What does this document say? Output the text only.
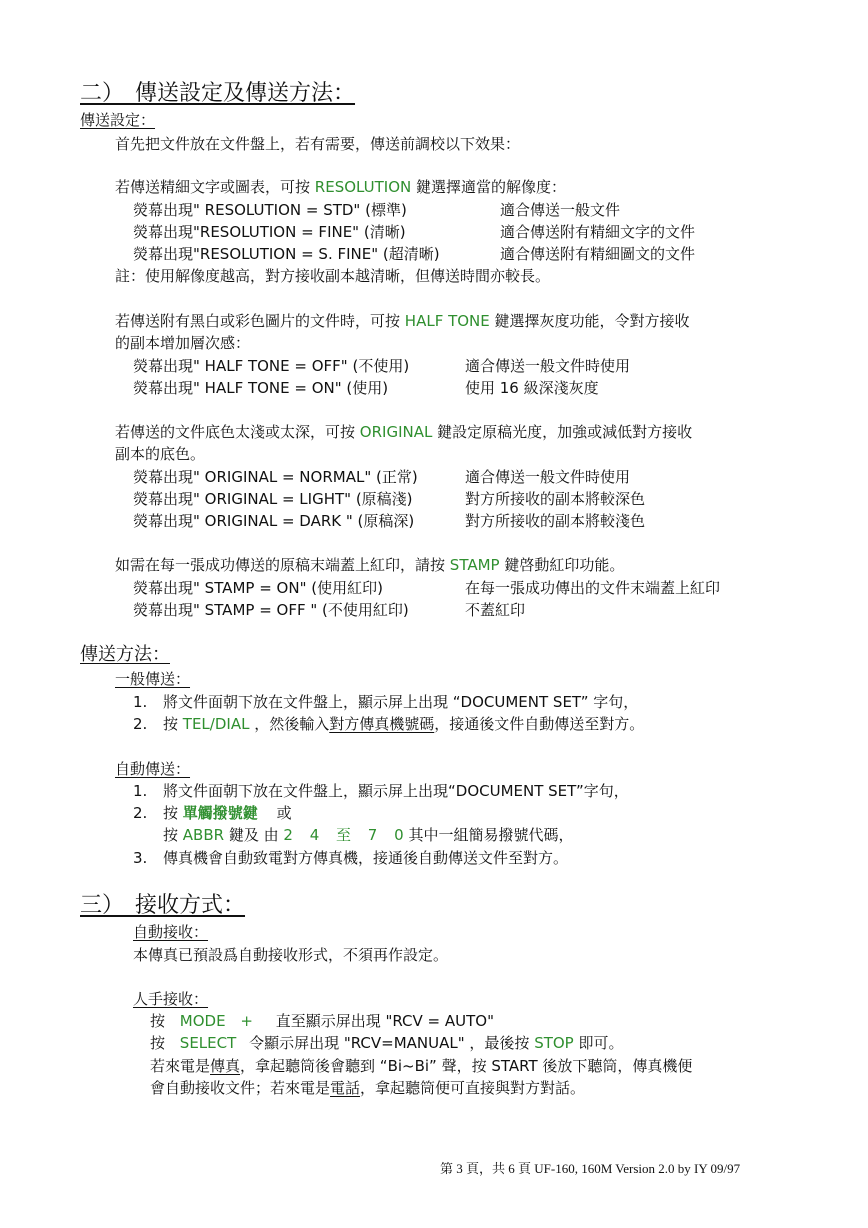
二）　傳送設定及傳送方法：
傳送設定：
首先把文件放在文件盤上，若有需要，傳送前調校以下效果：
若傳送精細文字或圖表，可按 RESOLUTION 鍵選擇適當的解像度：
熒幕出現" RESOLUTION = STD" (標準)	適合傳送一般文件
熒幕出現"RESOLUTION = FINE" (清晰)	適合傳送附有精細文字的文件
熒幕出現"RESOLUTION = S. FINE" (超清晰)	適合傳送附有精細圖文的文件
註：使用解像度越高，對方接收副本越清晰，但傳送時間亦較長。
若傳送附有黑白或彩色圖片的文件時，可按 HALF TONE 鍵選擇灰度功能，令對方接收
的副本增加層次感：
熒幕出現" HALF TONE = OFF" (不使用)	適合傳送一般文件時使用
熒幕出現" HALF TONE = ON" (使用)	使用 16 級深淺灰度
若傳送的文件底色太淺或太深，可按 ORIGINAL 鍵設定原稿光度，加強或減低對方接收
副本的底色。
熒幕出現" ORIGINAL = NORMAL" (正常)	適合傳送一般文件時使用
熒幕出現" ORIGINAL = LIGHT" (原稿淺)	對方所接收的副本將較深色
熒幕出現" ORIGINAL = DARK " (原稿深)	對方所接收的副本將較淺色
如需在每一張成功傳送的原稿末端蓋上紅印，請按 STAMP 鍵啓動紅印功能。
熒幕出現" STAMP = ON" (使用紅印)	在每一張成功傳出的文件末端蓋上紅印
熒幕出現" STAMP = OFF " (不使用紅印)	不蓋紅印
傳送方法：
一般傳送：
1. 將文件面朝下放在文件盤上，顯示屏上出現 “DOCUMENT SET” 字句，
2. 按 TEL/DIAL ，然後輸入對方傳真機號碼，接通後文件自動傳送至對方。
自動傳送：
1. 將文件面朝下放在文件盤上，顯示屏上出現“DOCUMENT SET”字句，
2. 按 單觸撥號鍵 或
按 ABBR 鍵及 由 2 4 至 7 0 其中一組簡易撥號代碼，
3. 傳真機會自動致電對方傳真機，接通後自動傳送文件至對方。
三）　接收方式：
自動接收：
本傳真已預設爲自動接收形式，不須再作設定。
人手接收：
按 MODE + 直至顯示屏出現 "RCV = AUTO"
按 SELECT 令顯示屏出現 "RCV=MANUAL" ，最後按 STOP 即可。
若來電是傳真，拿起聽筒後會聽到 “Bi~Bi” 聲，按 START 後放下聽筒，傳真機便
會自動接收文件；若來電是電話，拿起聽筒便可直接與對方對話。
第 3 頁，共 6 頁 UF-160, 160M Version 2.0 by IY 09/97
